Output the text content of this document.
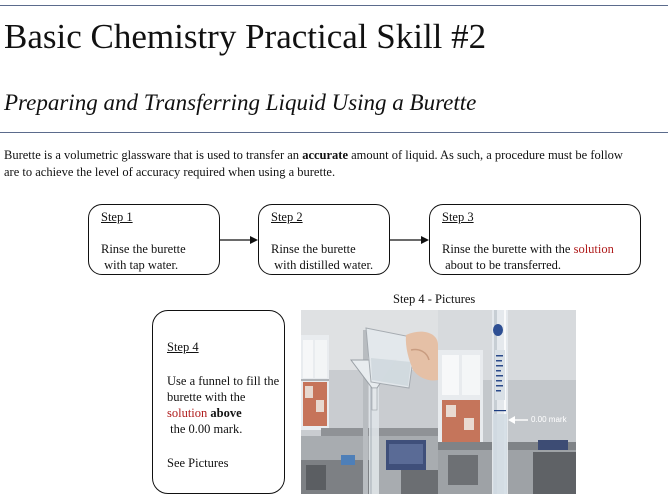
Basic Chemistry Practical Skill #2
Preparing and Transferring Liquid Using a Burette
Burette is a volumetric glassware that is used to transfer an accurate amount of liquid. As such, a procedure must be follow
are to achieve the level of accuracy required when using a burette.
Step 1
Rinse the burette
with tap water.
Step 2
Rinse the burette
with distilled water.
Step 3
Rinse the burette with the solution
about to be transferred.
Step 4 - Pictures
Step 4
Use a funnel to fill the burette with the solution above the 0.00 mark.
See Pictures
0.00 mark
